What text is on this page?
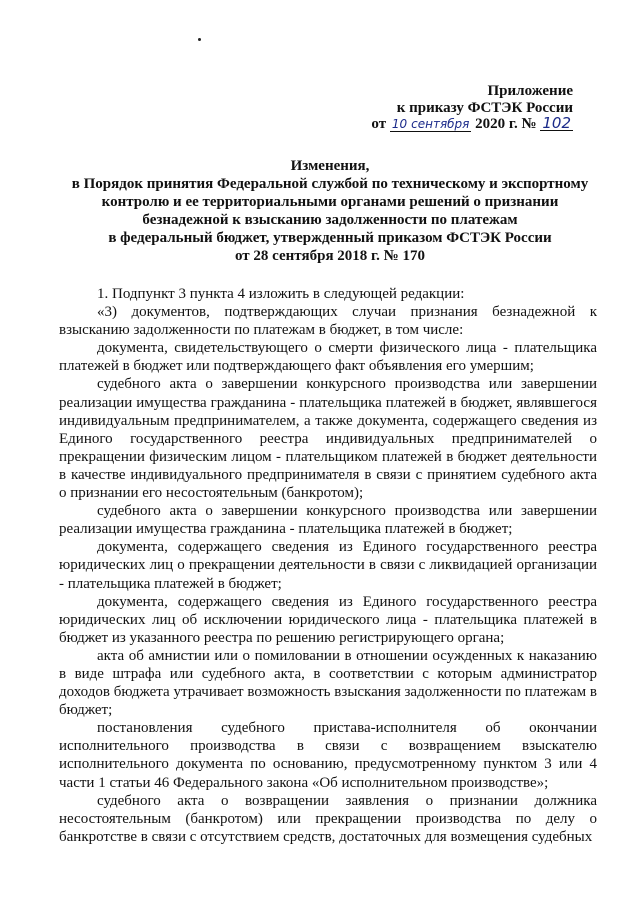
Приложение
к приказу ФСТЭК России
от 10 сентября 2020 г. № 102
Изменения,
в Порядок принятия Федеральной службой по техническому и экспортному
контролю и ее территориальными органами решений о признании
безнадежной к взысканию задолженности по платежам
в федеральный бюджет, утвержденный приказом ФСТЭК России
от 28 сентября 2018 г. № 170

1. Подпункт 3 пункта 4 изложить в следующей редакции:

«3) документов, подтверждающих случаи признания безнадежной к взысканию задолженности по платежам в бюджет, в том числе:

документа, свидетельствующего о смерти физического лица - плательщика платежей в бюджет или подтверждающего факт объявления его умершим;

судебного акта о завершении конкурсного производства или завершении реализации имущества гражданина - плательщика платежей в бюджет, являвшегося индивидуальным предпринимателем, а также документа, содержащего сведения из Единого государственного реестра индивидуальных предпринимателей о прекращении физическим лицом - плательщиком платежей в бюджет деятельности в качестве индивидуального предпринимателя в связи с принятием судебного акта о признании его несостоятельным (банкротом);

судебного акта о завершении конкурсного производства или завершении реализации имущества гражданина - плательщика платежей в бюджет;

документа, содержащего сведения из Единого государственного реестра юридических лиц о прекращении деятельности в связи с ликвидацией организации - плательщика платежей в бюджет;

документа, содержащего сведения из Единого государственного реестра юридических лиц об исключении юридического лица - плательщика платежей в бюджет из указанного реестра по решению регистрирующего органа;

акта об амнистии или о помиловании в отношении осужденных к наказанию в виде штрафа или судебного акта, в соответствии с которым администратор доходов бюджета утрачивает возможность взыскания задолженности по платежам в бюджет;

постановления судебного пристава-исполнителя об окончании исполнительного производства в связи с возвращением взыскателю исполнительного документа по основанию, предусмотренному пунктом 3 или 4 части 1 статьи 46 Федерального закона «Об исполнительном производстве»;

судебного акта о возвращении заявления о признании должника несостоятельным (банкротом) или прекращении производства по делу о банкротстве в связи с отсутствием средств, достаточных для возмещения судебных
